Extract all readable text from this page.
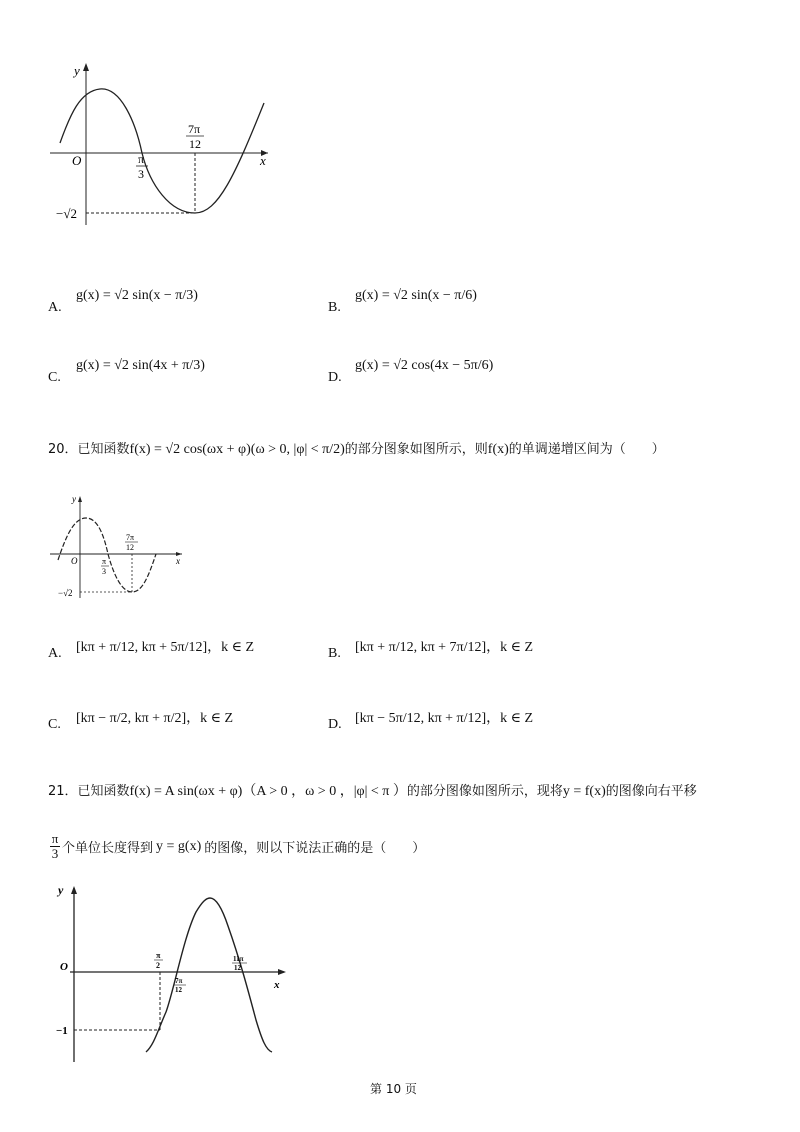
y
x
O	π
3
7π
12
−√2
A.
g(x) = √2 sin(x − π/3)
B.
g(x) = √2 sin(x − π/6)
C.
g(x) = √2 sin(4x + π/3)
D.
g(x) = √2 cos(4x − 5π/6)
20．已知函数f(x) = √2 cos(ωx + φ)(ω > 0, |φ| < π/2)的部分图象如图所示，则f(x)的单调递增区间为（　　）
y
x
O	π
3
7π
12
−√2
A. [kπ + π/12, kπ + 5π/12]，k ∈ Z	B. [kπ + π/12, kπ + 7π/12]，k ∈ Z
C. [kπ − π/2, kπ + π/2]，k ∈ Z	D. [kπ − 5π/12, kπ + π/12]，k ∈ Z
21．已知函数f(x) = A sin(ωx + φ)（A > 0 ，ω > 0 ，|φ| < π ）的部分图像如图所示，现将y = f(x)的图像向右平移
π
3 个单位长度得到 y = g(x) 的图像，则以下说法正确的是（　　）
y
x
O
π
2
7π
12
11π
12
−1
第 10 页
